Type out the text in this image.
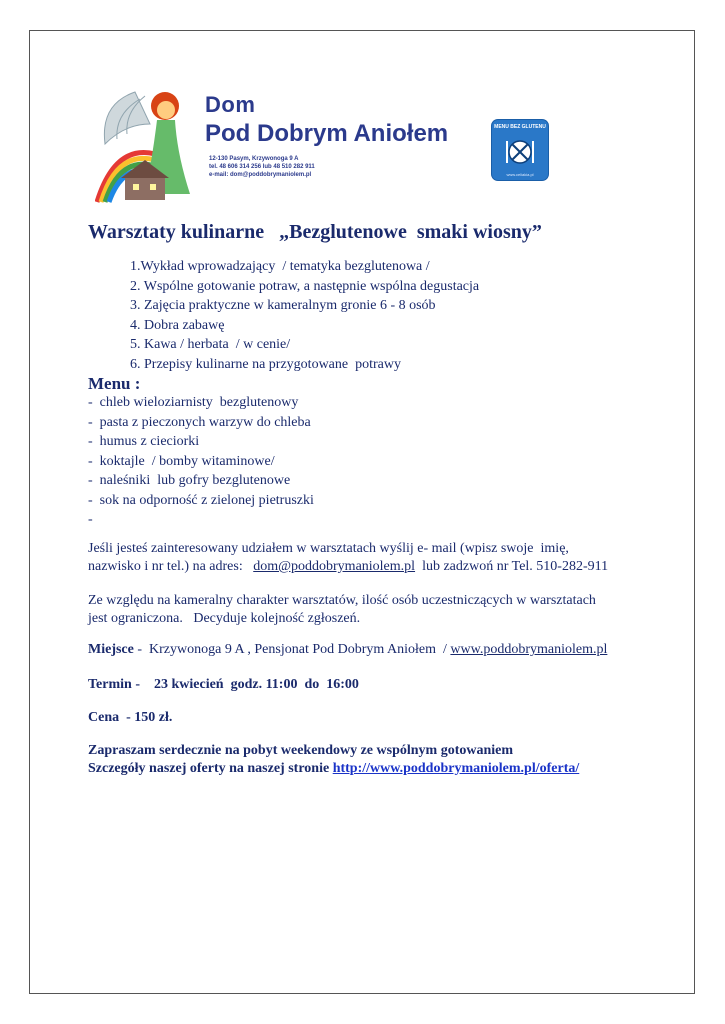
Dom
Pod Dobrym Aniołem
12-130 Pasym, Krzywonoga 9 A
tel. 48 606 314 256 lub 48 510 282 911
e-mail: dom@poddobrymaniolem.pl
MENU BEZ GLUTENU
www.celiakia.pl
Warsztaty kulinarne   „Bezglutenowe  smaki wiosny”
1.Wykład wprowadzający  / tematyka bezglutenowa /
2. Wspólne gotowanie potraw, a następnie wspólna degustacja
3. Zajęcia praktyczne w kameralnym gronie 6 - 8 osób
4. Dobra zabawę
5. Kawa / herbata  / w cenie/
6. Przepisy kulinarne na przygotowane  potrawy
Menu :
-  chleb wieloziarnisty  bezglutenowy
-  pasta z pieczonych warzyw do chleba
-  humus z cieciorki
-  koktajle  / bomby witaminowe/
-  naleśniki  lub gofry bezglutenowe
-  sok na odporność z zielonej pietruszki
-
Jeśli jesteś zainteresowany udziałem w warsztatach wyślij e- mail (wpisz swoje  imię,
nazwisko i nr tel.) na adres:   dom@poddobrymaniolem.pl  lub zadzwoń nr Tel. 510-282-911
Ze względu na kameralny charakter warsztatów, ilość osób uczestniczących w warsztatach
jest ograniczona.   Decyduje kolejność zgłoszeń.
Miejsce -  Krzywonoga 9 A , Pensjonat Pod Dobrym Aniołem  / www.poddobrymaniolem.pl
Termin -    23 kwiecień  godz. 11:00  do  16:00
Cena  - 150 zł.
Zapraszam serdecznie na pobyt weekendowy ze wspólnym gotowaniem
Szczegóły naszej oferty na naszej stronie http://www.poddobrymaniolem.pl/oferta/
